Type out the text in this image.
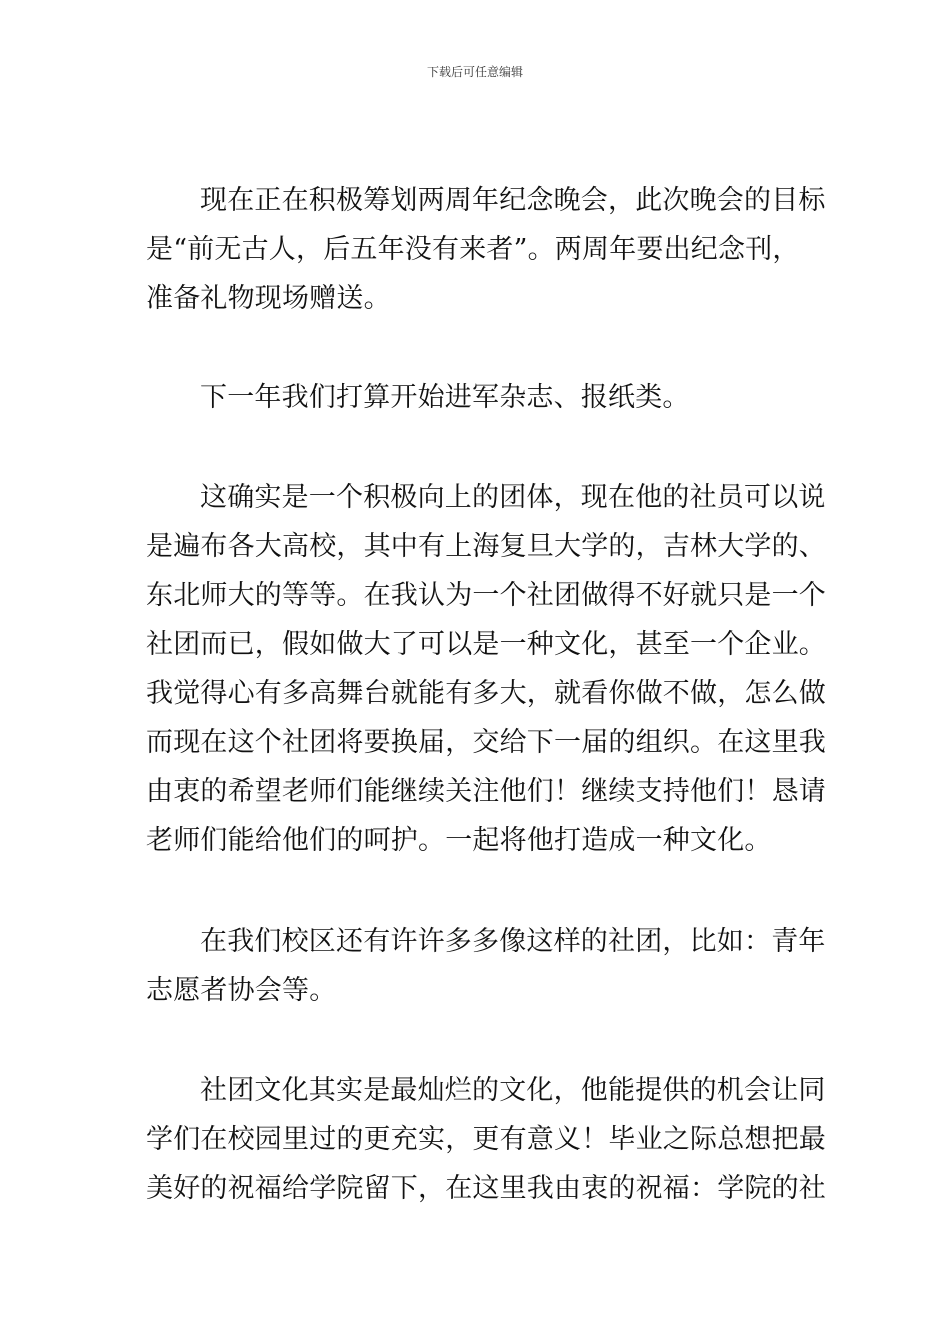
下载后可任意编辑
现在正在积极筹划两周年纪念晚会，此次晚会的目标
是“前无古人，后五年没有来者”。两周年要出纪念刊，
准备礼物现场赠送。
下一年我们打算开始进军杂志、报纸类。
这确实是一个积极向上的团体，现在他的社员可以说
是遍布各大高校，其中有上海复旦大学的，吉林大学的、
东北师大的等等。在我认为一个社团做得不好就只是一个
社团而已，假如做大了可以是一种文化，甚至一个企业。
我觉得心有多高舞台就能有多大，就看你做不做，怎么做
而现在这个社团将要换届，交给下一届的组织。在这里我
由衷的希望老师们能继续关注他们！继续支持他们！恳请
老师们能给他们的呵护。一起将他打造成一种文化。
在我们校区还有许许多多像这样的社团，比如：青年
志愿者协会等。
社团文化其实是最灿烂的文化，他能提供的机会让同
学们在校园里过的更充实，更有意义！毕业之际总想把最
美好的祝福给学院留下，在这里我由衷的祝福：学院的社
